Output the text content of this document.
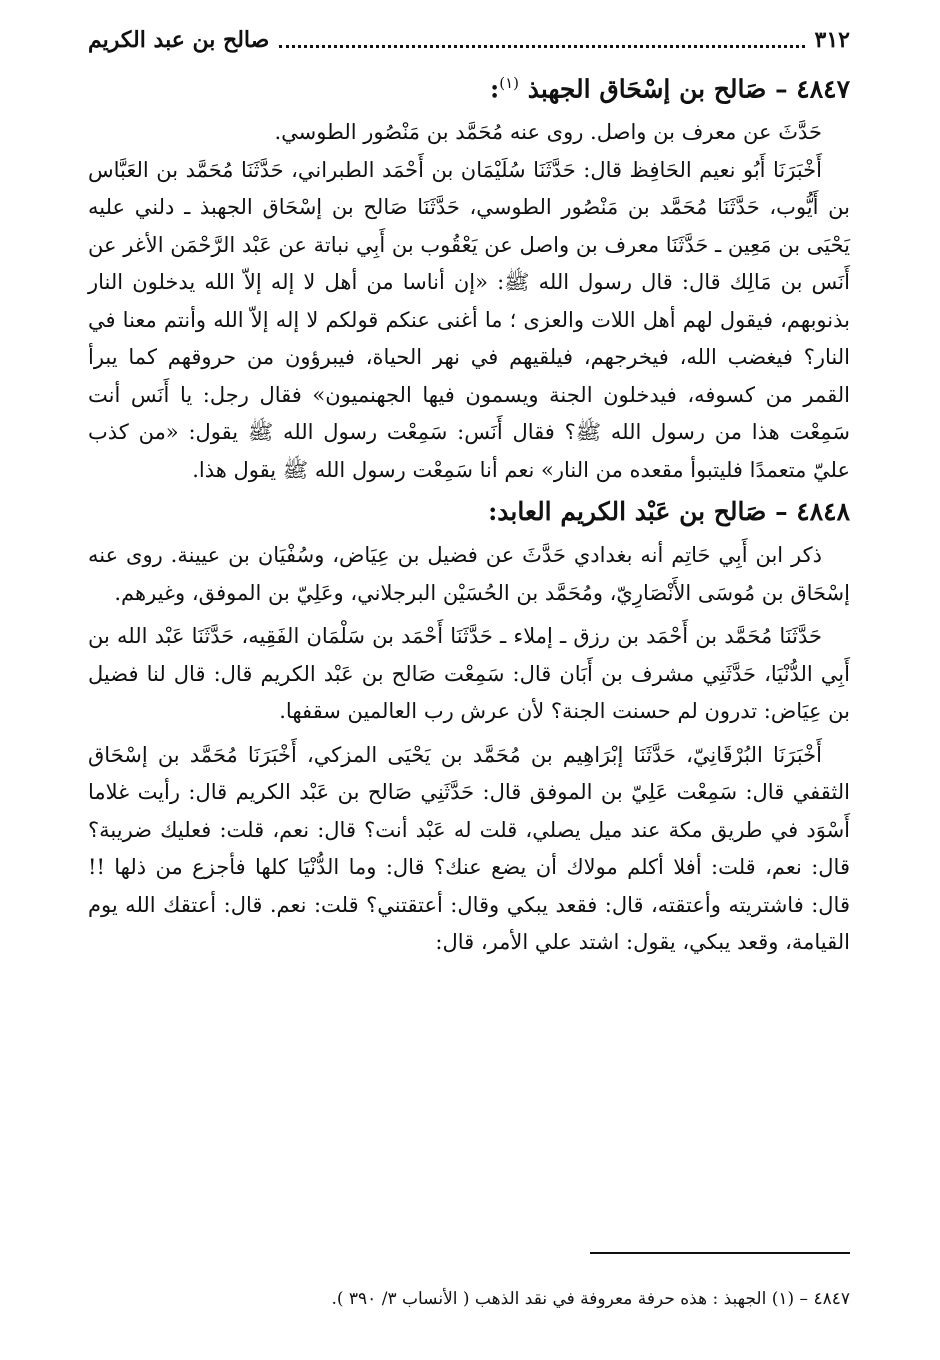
٣١٢
صالح بن عبد الكريم
٤٨٤٧ – صَالح بن إسْحَاق الجهبذ $^{(١)}$:

حَدَّثَ عن معرف بن واصل. روى عنه مُحَمَّد بن مَنْصُور الطوسي.

أَخْبَرَنَا أَبُو نعيم الحَافِظ قال: حَدَّثَنَا سُلَيْمَان بن أَحْمَد الطبراني، حَدَّثَنَا مُحَمَّد بن العَبَّاس بن أَيُّوب، حَدَّثَنَا مُحَمَّد بن مَنْصُور الطوسي، حَدَّثَنَا صَالح بن إسْحَاق الجهبذ ـ دلني عليه يَحْيَى بن مَعِين ـ حَدَّثَنَا معرف بن واصل عن يَعْقُوب بن أَبِي نباتة عن عَبْد الرَّحْمَن الأغر عن أَنَس بن مَالِك قال: قال رسول الله ﷺ: «إن أناسا من أهل لا إله إلاّ الله يدخلون النار بذنوبهم، فيقول لهم أهل اللات والعزى ؛ ما أغنى عنكم قولكم لا إله إلاّ الله وأنتم معنا في النار؟ فيغضب الله، فيخرجهم، فيلقيهم في نهر الحياة، فيبرؤون من حروقهم كما يبرأ القمر من كسوفه، فيدخلون الجنة ويسمون فيها الجهنميون» فقال رجل: يا أَنَس أنت سَمِعْت هذا من رسول الله ﷺ؟ فقال أَنَس: سَمِعْت رسول الله ﷺ يقول: «من كذب عليّ متعمدًا فليتبوأ مقعده من النار» نعم أنا سَمِعْت رسول الله ﷺ يقول هذا.

٤٨٤٨ – صَالح بن عَبْد الكريم العابد:

ذكر ابن أَبِي حَاتِم أنه بغدادي حَدَّثَ عن فضيل بن عِيَاض، وسُفْيَان بن عيينة. روى عنه إسْحَاق بن مُوسَى الأَنْصَارِيّ، ومُحَمَّد بن الحُسَيْن البرجلاني، وعَلِيّ بن الموفق، وغيرهم.

حَدَّثَنَا مُحَمَّد بن أَحْمَد بن رزق ـ إملاء ـ حَدَّثَنَا أَحْمَد بن سَلْمَان الفَقِيه، حَدَّثَنَا عَبْد الله بن أَبِي الدُّنْيَا، حَدَّثَنِي مشرف بن أَبَان قال: سَمِعْت صَالح بن عَبْد الكريم قال: قال لنا فضيل بن عِيَاض: تدرون لم حسنت الجنة؟ لأن عرش رب العالمين سقفها.

أَخْبَرَنَا البُرْقَانِيّ، حَدَّثَنَا إبْرَاهِيم بن مُحَمَّد بن يَحْيَى المزكي، أَخْبَرَنَا مُحَمَّد بن إسْحَاق الثقفي قال: سَمِعْت عَلِيّ بن الموفق قال: حَدَّثَنِي صَالح بن عَبْد الكريم قال: رأيت غلاما أَسْوَد في طريق مكة عند ميل يصلي، قلت له عَبْد أنت؟ قال: نعم، قلت: فعليك ضريبة؟ قال: نعم، قلت: أفلا أكلم مولاك أن يضع عنك؟ قال: وما الدُّنْيَا كلها فأجزع من ذلها !! قال: فاشتريته وأعتقته، قال: فقعد يبكي وقال: أعتقتني؟ قلت: نعم. قال: أعتقك الله يوم القيامة، وقعد يبكي، يقول: اشتد علي الأمر، قال:

٤٨٤٧ – (١) الجهبذ : هذه حرفة معروفة في نقد الذهب ( الأنساب ٣/ ٣٩٠ ).
